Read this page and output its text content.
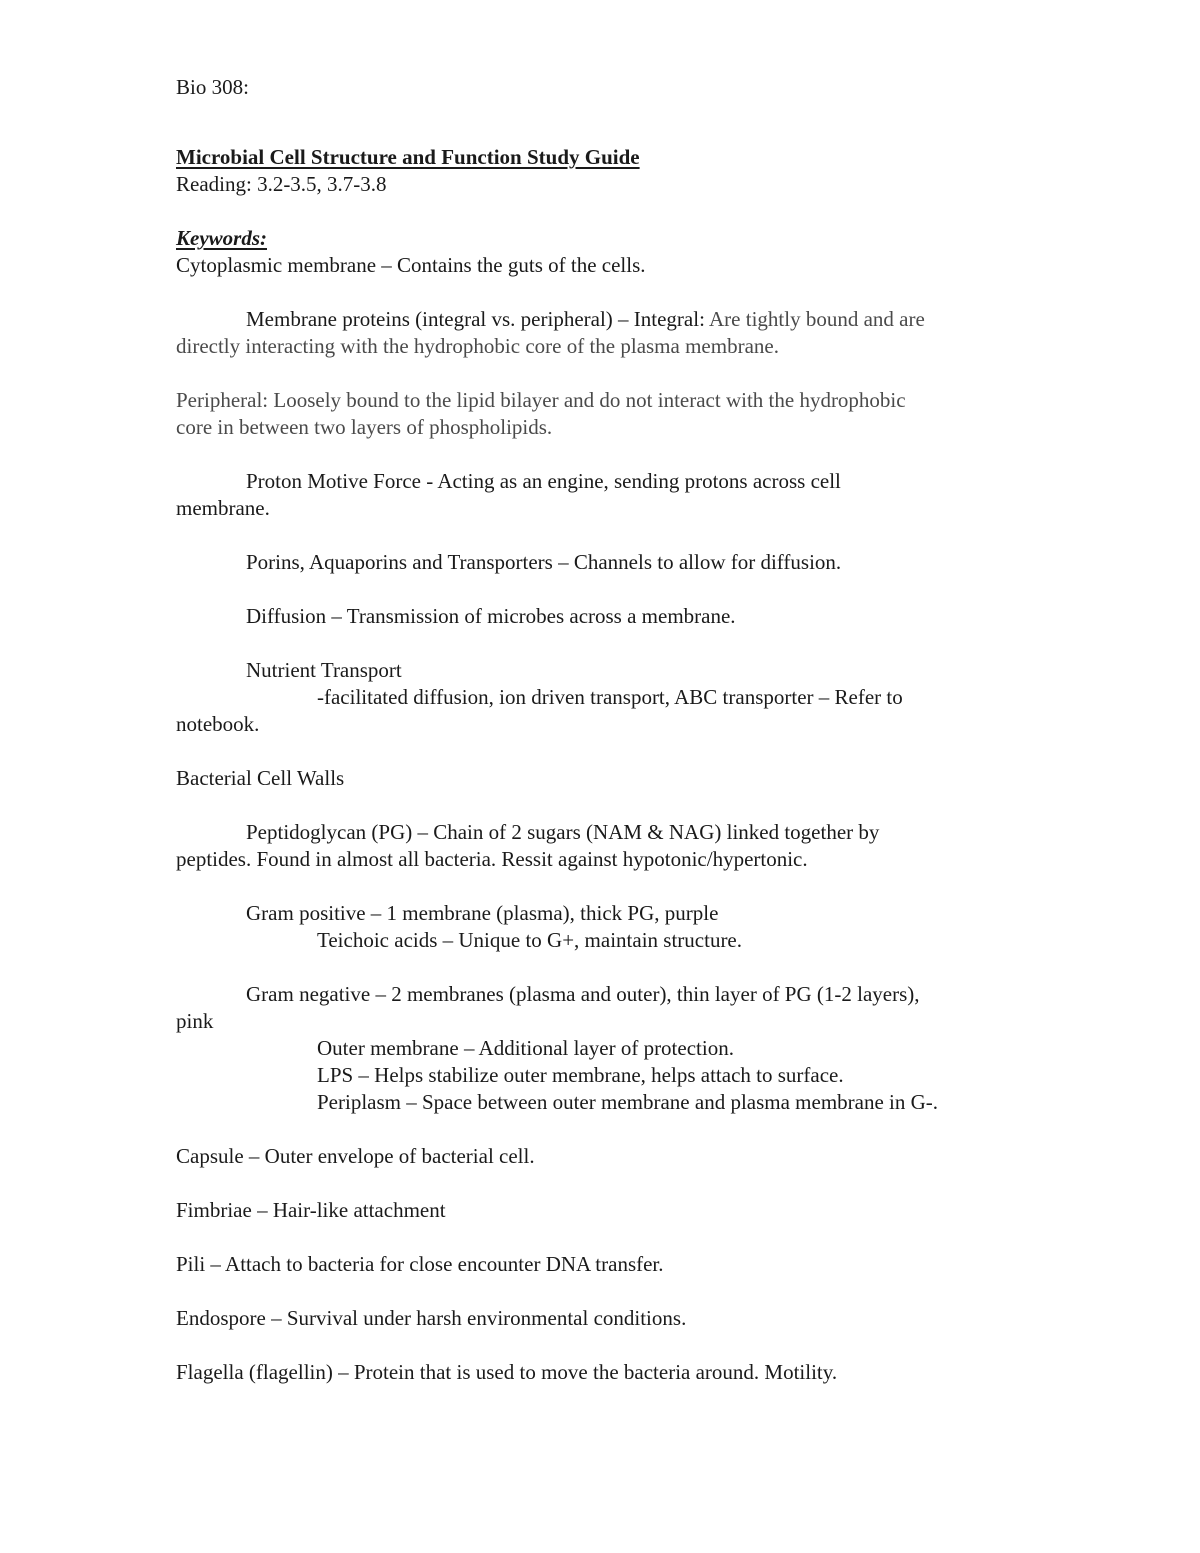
Bio 308:
Microbial Cell Structure and Function Study Guide
Reading: 3.2-3.5, 3.7-3.8
Keywords:
Cytoplasmic membrane – Contains the guts of the cells.
Membrane proteins (integral vs. peripheral) – Integral: Are tightly bound and are
directly interacting with the hydrophobic core of the plasma membrane.
Peripheral: Loosely bound to the lipid bilayer and do not interact with the hydrophobic
core in between two layers of phospholipids.
Proton Motive Force - Acting as an engine, sending protons across cell
membrane.
Porins, Aquaporins and Transporters – Channels to allow for diffusion.
Diffusion – Transmission of microbes across a membrane.
Nutrient Transport
-facilitated diffusion, ion driven transport, ABC transporter – Refer to
notebook.
Bacterial Cell Walls
Peptidoglycan (PG) – Chain of 2 sugars (NAM & NAG) linked together by
peptides. Found in almost all bacteria. Ressit against hypotonic/hypertonic.
Gram positive – 1 membrane (plasma), thick PG, purple
Teichoic acids – Unique to G+, maintain structure.
Gram negative – 2 membranes (plasma and outer), thin layer of PG (1-2 layers),
pink
Outer membrane – Additional layer of protection.
LPS – Helps stabilize outer membrane, helps attach to surface.
Periplasm – Space between outer membrane and plasma membrane in G-.
Capsule – Outer envelope of bacterial cell.
Fimbriae – Hair-like attachment
Pili – Attach to bacteria for close encounter DNA transfer.
Endospore – Survival under harsh environmental conditions.
Flagella (flagellin) – Protein that is used to move the bacteria around. Motility.
